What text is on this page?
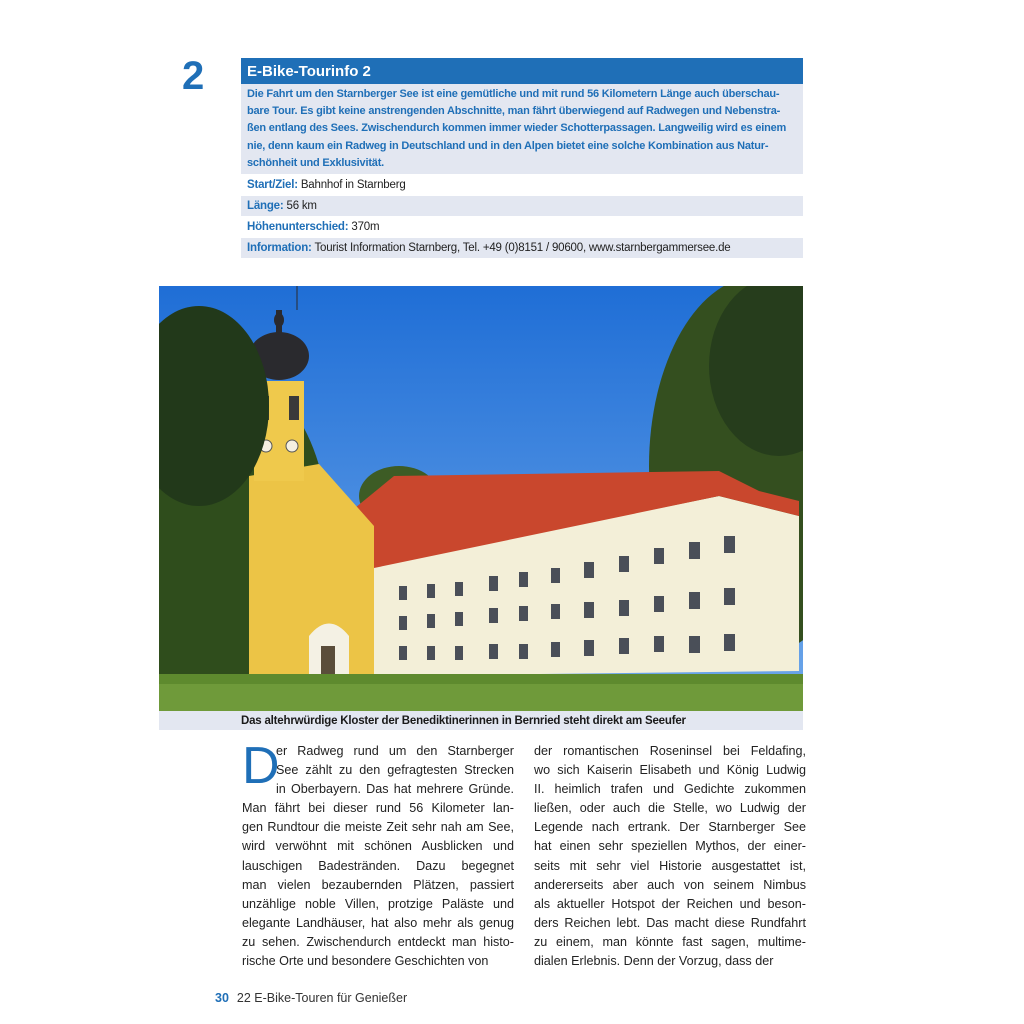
2	E-Bike-Tourinfo 2
Die Fahrt um den Starnberger See ist eine gemütliche und mit rund 56 Kilometern Länge auch überschau-
bare Tour. Es gibt keine anstrengenden Abschnitte, man fährt überwiegend auf Radwegen und Nebenstra-
ßen entlang des Sees. Zwischendurch kommen immer wieder Schotterpassagen. Langweilig wird es einem
nie, denn kaum ein Radweg in Deutschland und in den Alpen bietet eine solche Kombination aus Natur-
schönheit und Exklusivität.
Start/Ziel: Bahnhof in Starnberg
Länge: 56 km
Höhenunterschied: 370m
Information: Tourist Information Starnberg, Tel. +49 (0)8151 / 90600, www.starnbergammersee.de
Das altehrwürdige Kloster der Benediktinerinnen in Bernried steht direkt am Seeufer
D
er Radweg rund um den Starnberger
See zählt zu den gefragtesten Strecken
in Oberbayern. Das hat mehrere Gründe.
Man fährt bei dieser rund 56 Kilometer lan-
gen Rundtour die meiste Zeit sehr nah am See,
wird verwöhnt mit schönen Ausblicken und
lauschigen Badestränden. Dazu begegnet
man vielen bezaubernden Plätzen, passiert
unzählige noble Villen, protzige Paläste und
elegante Landhäuser, hat also mehr als genug
zu sehen. Zwischendurch entdeckt man histo-
rische Orte und besondere Geschichten von
der romantischen Roseninsel bei Feldafing,
wo sich Kaiserin Elisabeth und König Ludwig
II. heimlich trafen und Gedichte zukommen
ließen, oder auch die Stelle, wo Ludwig der
Legende nach ertrank. Der Starnberger See
hat einen sehr speziellen Mythos, der einer-
seits mit sehr viel Historie ausgestattet ist,
andererseits aber auch von seinem Nimbus
als aktueller Hotspot der Reichen und beson-
ders Reichen lebt. Das macht diese Rundfahrt
zu einem, man könnte fast sagen, multime-
dialen Erlebnis. Denn der Vorzug, dass der
30 22 E-Bike-Touren für Genießer
